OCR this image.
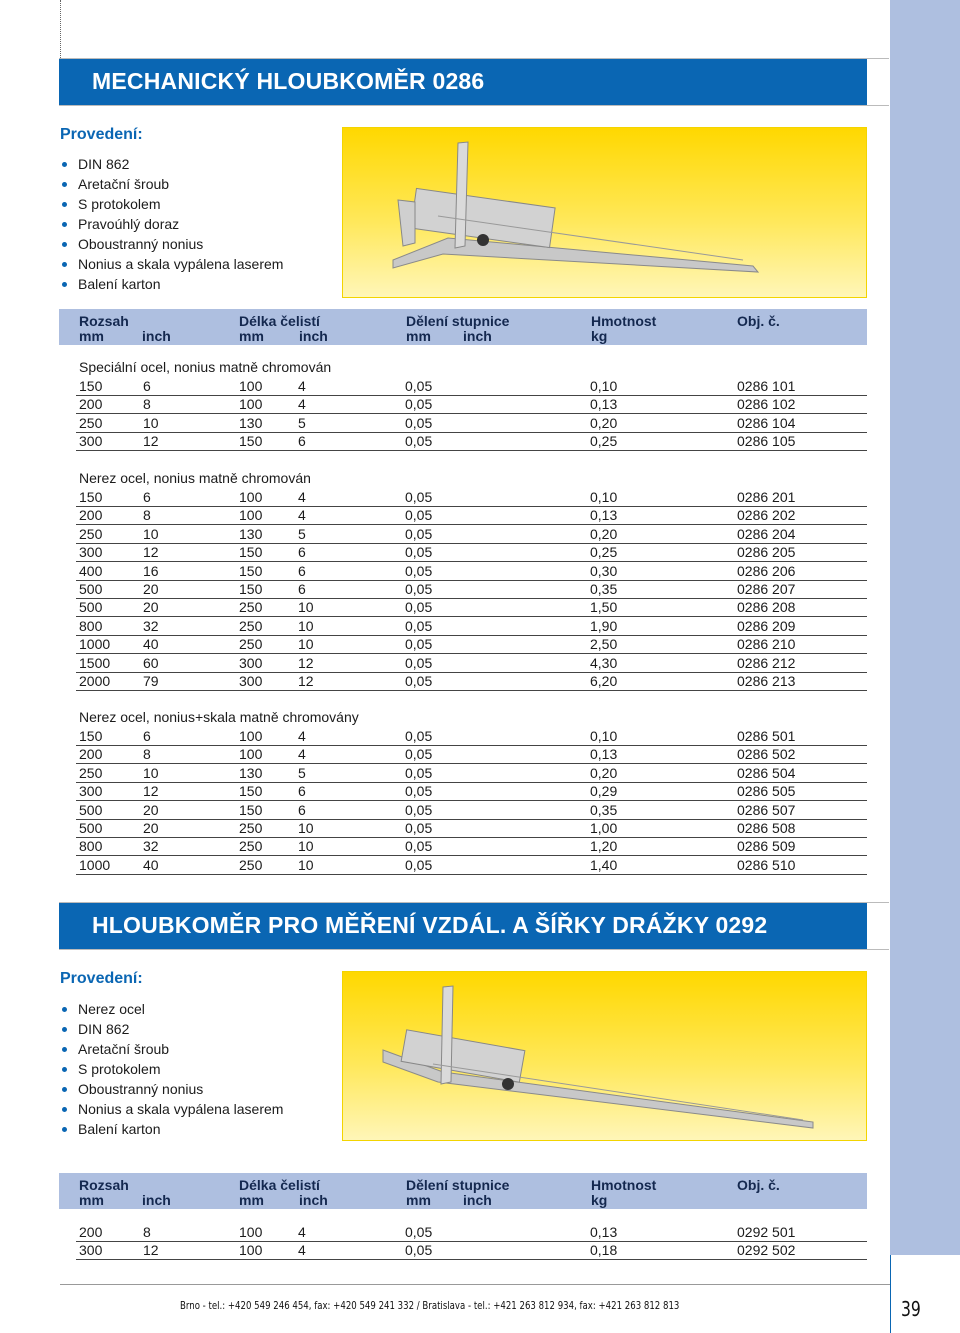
MECHANICKÝ HLOUBKOMĚR 0286
Provedení:
DIN 862
Aretační šroub
S protokolem
Pravoúhlý doraz
Oboustranný nonius
Nonius a skala vypálena laserem
Balení karton
Rozsah	Délka čelistí	Dělení stupnice	Hmotnost	Obj. č.
mm	inch	mm	inch	mm inch	kg
Speciální ocel, nonius matně chromován
150	6	100	4	0,05	0,10	0286 101
200	8	100	4	0,05	0,13	0286 102
250	10	130	5	0,05	0,20	0286 104
300	12	150	6	0,05	0,25	0286 105
Nerez ocel, nonius matně chromován
150	6	100	4	0,05	0,10	0286 201
200	8	100	4	0,05	0,13	0286 202
250	10	130	5	0,05	0,20	0286 204
300	12	150	6	0,05	0,25	0286 205
400	16	150	6	0,05	0,30	0286 206
500	20	150	6	0,05	0,35	0286 207
500	20	250	10	0,05	1,50	0286 208
800	32	250	10	0,05	1,90	0286 209
1000 40	250	10	0,05	2,50	0286 210
1500 60	300	12	0,05	4,30	0286 212
2000 79	300	12	0,05	6,20	0286 213
Nerez ocel, nonius+skala matně chromovány
150	6	100	4	0,05	0,10	0286 501
200	8	100	4	0,05	0,13	0286 502
250	10	130	5	0,05	0,20	0286 504
300	12	150	6	0,05	0,29	0286 505
500	20	150	6	0,05	0,35	0286 507
500	20	250	10	0,05	1,00	0286 508
800	32	250	10	0,05	1,20	0286 509
1000 40	250	10	0,05	1,40	0286 510
HLOUBKOMĚR PRO MĚŘENÍ VZDÁL. A ŠÍŘKY DRÁŽKY 0292
Provedení:
Nerez ocel
DIN 862
Aretační šroub
S protokolem
Oboustranný nonius
Nonius a skala vypálena laserem
Balení karton
Rozsah	Délka čelistí	Dělení stupnice	Hmotnost	Obj. č.
mm	inch	mm	inch	mm inch	kg
200	8	100	4	0,05	0,13	0292 501
300	12	100	4	0,05	0,18	0292 502
Brno - tel.: +420 549 246 454, fax: +420 549 241 332 / Bratislava - tel.: +421 263 812 934, fax: +421 263 812 813	39
